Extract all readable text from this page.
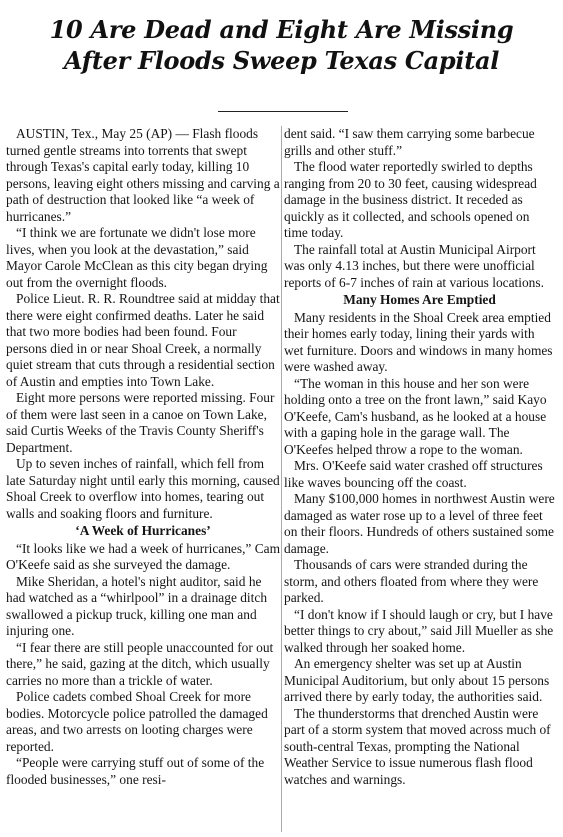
10 Are Dead and Eight Are Missing
After Floods Sweep Texas Capital

AUSTIN, Tex., May 25 (AP) — Flash floods turned gentle streams into torrents that swept through Texas's capital early today, killing 10 persons, leaving eight others missing and carving a path of destruction that looked like “a week of hurricanes.”

“I think we are fortunate we didn't lose more lives, when you look at the devastation,” said Mayor Carole McClean as this city began drying out from the overnight floods.

Police Lieut. R. R. Roundtree said at midday that there were eight confirmed deaths. Later he said that two more bodies had been found. Four persons died in or near Shoal Creek, a normally quiet stream that cuts through a residential section of Austin and empties into Town Lake.

Eight more persons were reported missing. Four of them were last seen in a canoe on Town Lake, said Curtis Weeks of the Travis County Sheriff's Department.

Up to seven inches of rainfall, which fell from late Saturday night until early this morning, caused Shoal Creek to overflow into homes, tearing out walls and soaking floors and furniture.

‘A Week of Hurricanes’

“It looks like we had a week of hurricanes,” Cam O'Keefe said as she surveyed the damage.

Mike Sheridan, a hotel's night auditor, said he had watched as a “whirlpool” in a drainage ditch swallowed a pickup truck, killing one man and injuring one.

“I fear there are still people unaccounted for out there,” he said, gazing at the ditch, which usually carries no more than a trickle of water.

Police cadets combed Shoal Creek for more bodies. Motorcycle police patrolled the damaged areas, and two arrests on looting charges were reported.

“People were carrying stuff out of some of the flooded businesses,” one resi-

dent said. “I saw them carrying some barbecue grills and other stuff.”

The flood water reportedly swirled to depths ranging from 20 to 30 feet, causing widespread damage in the business district. It receded as quickly as it collected, and schools opened on time today.

The rainfall total at Austin Municipal Airport was only 4.13 inches, but there were unofficial reports of 6-7 inches of rain at various locations.

Many Homes Are Emptied

Many residents in the Shoal Creek area emptied their homes early today, lining their yards with wet furniture. Doors and windows in many homes were washed away.

“The woman in this house and her son were holding onto a tree on the front lawn,” said Kayo O'Keefe, Cam's husband, as he looked at a house with a gaping hole in the garage wall. The O'Keefes helped throw a rope to the woman.

Mrs. O'Keefe said water crashed off structures like waves bouncing off the coast.

Many $100,000 homes in northwest Austin were damaged as water rose up to a level of three feet on their floors. Hundreds of others sustained some damage.

Thousands of cars were stranded during the storm, and others floated from where they were parked.

“I don't know if I should laugh or cry, but I have better things to cry about,” said Jill Mueller as she walked through her soaked home.

An emergency shelter was set up at Austin Municipal Auditorium, but only about 15 persons arrived there by early today, the authorities said.

The thunderstorms that drenched Austin were part of a storm system that moved across much of south-central Texas, prompting the National Weather Service to issue numerous flash flood watches and warnings.
